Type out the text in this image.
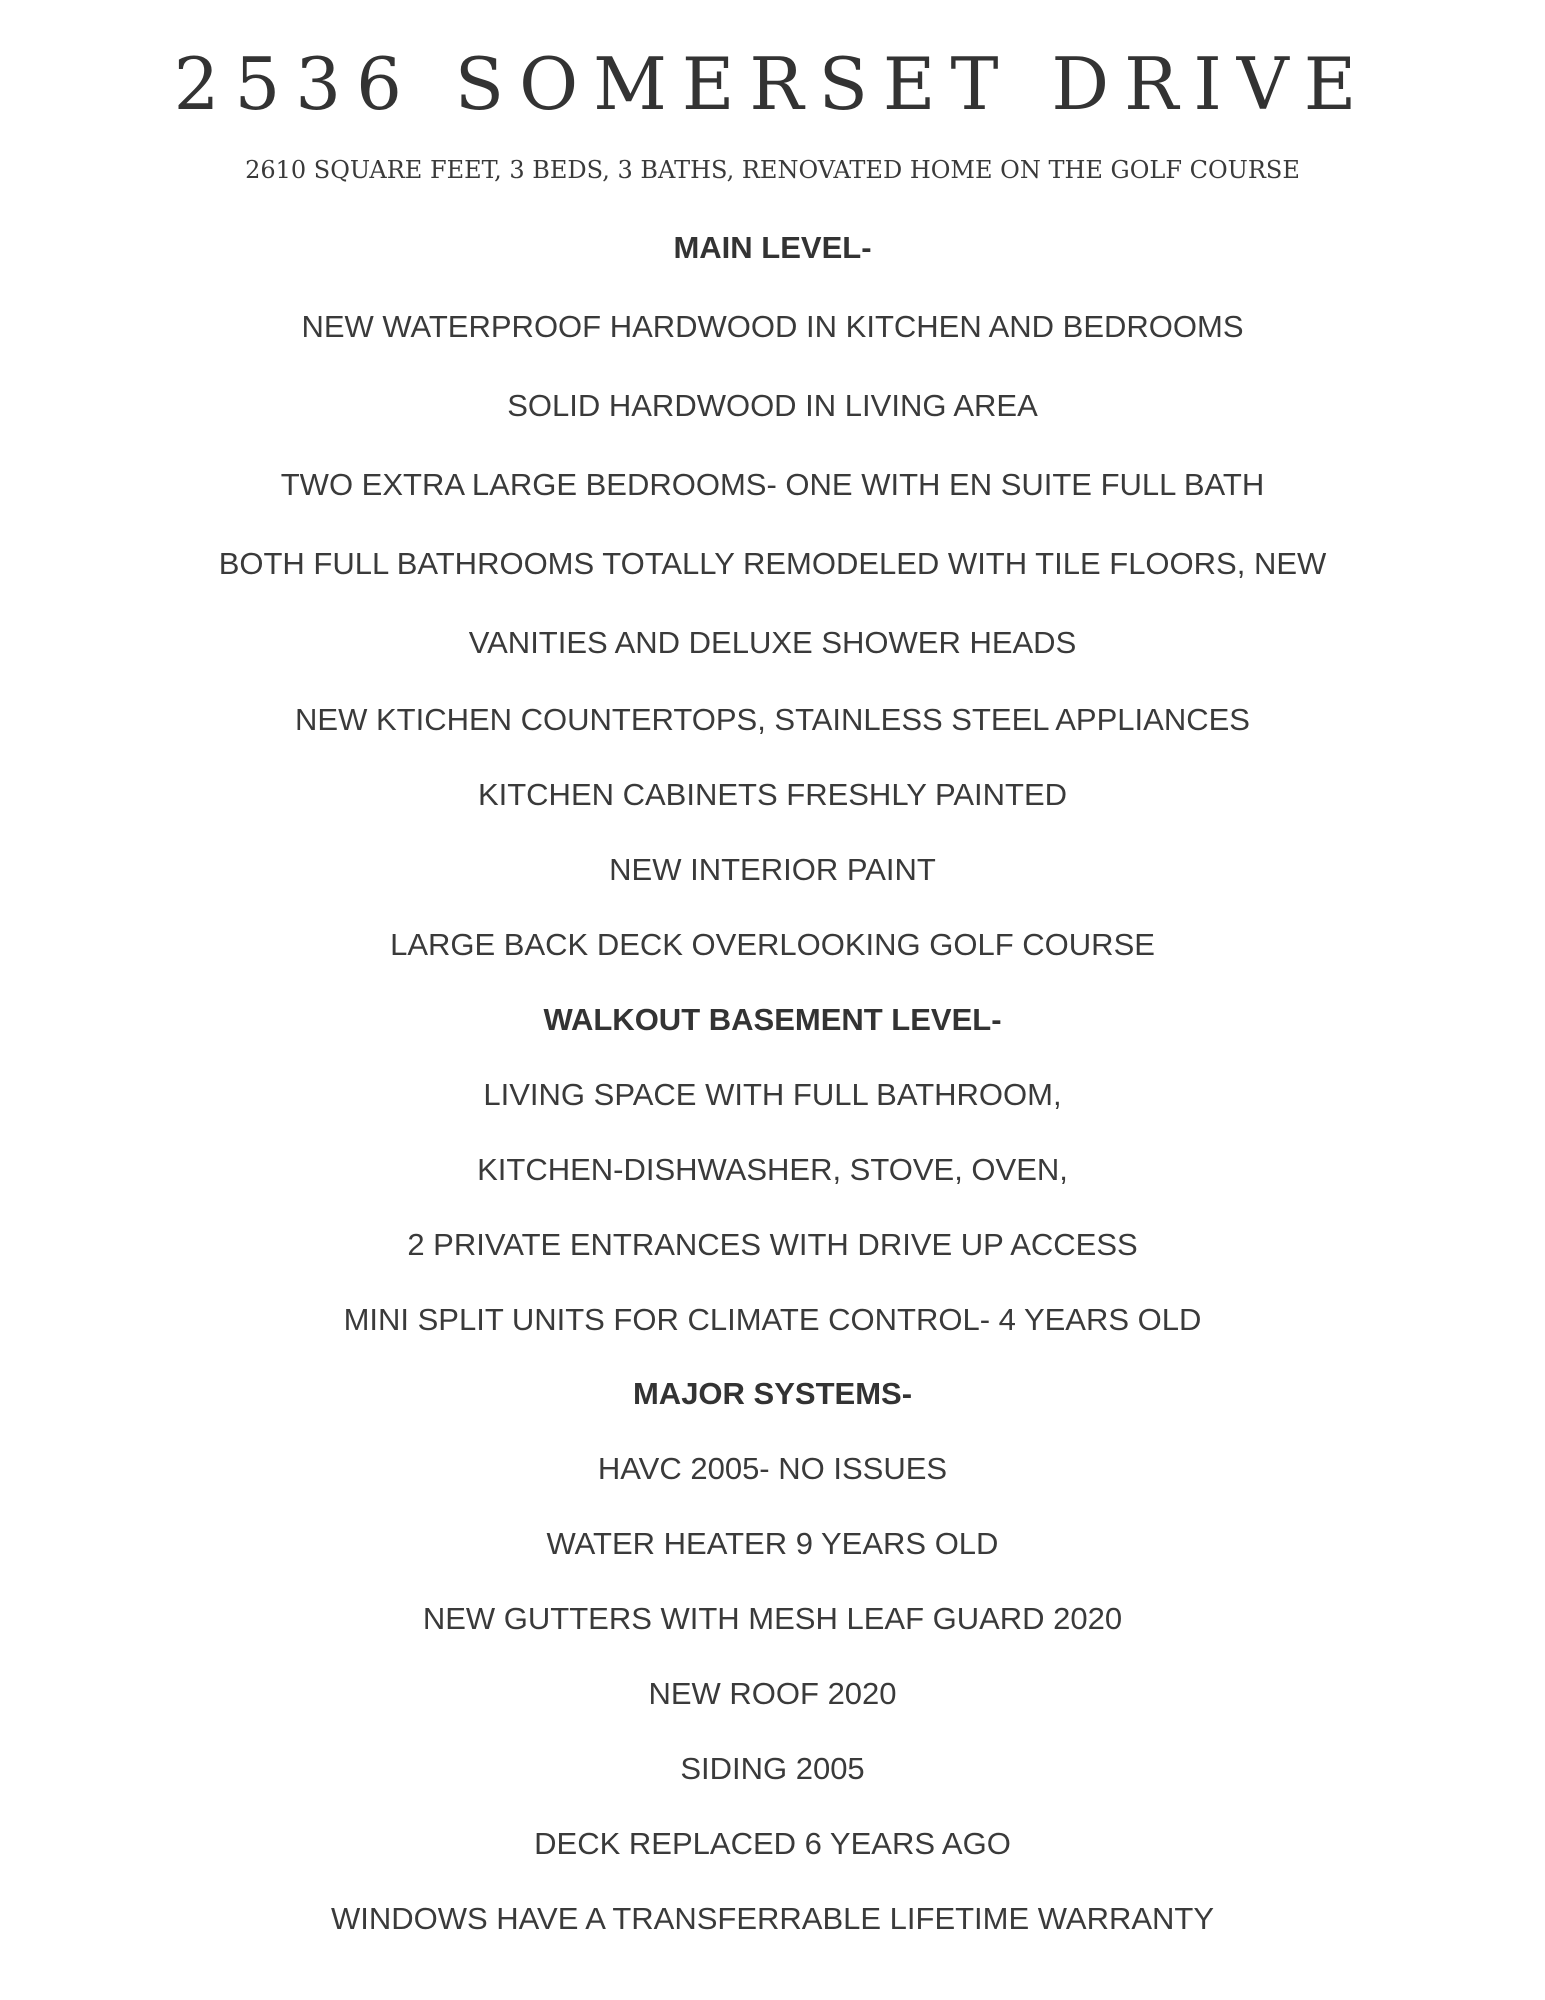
2536 SOMERSET DRIVE
2610 SQUARE FEET, 3 BEDS, 3 BATHS, RENOVATED HOME ON THE GOLF COURSE
MAIN LEVEL-
NEW WATERPROOF HARDWOOD IN KITCHEN AND BEDROOMS
SOLID HARDWOOD IN LIVING AREA
TWO EXTRA LARGE BEDROOMS- ONE WITH EN SUITE FULL BATH
BOTH FULL BATHROOMS TOTALLY REMODELED WITH TILE FLOORS, NEW
VANITIES AND DELUXE SHOWER HEADS
NEW KTICHEN COUNTERTOPS, STAINLESS STEEL APPLIANCES
KITCHEN CABINETS FRESHLY PAINTED
NEW INTERIOR PAINT
LARGE BACK DECK OVERLOOKING GOLF COURSE
WALKOUT BASEMENT LEVEL-
LIVING SPACE WITH FULL BATHROOM,
KITCHEN-DISHWASHER, STOVE, OVEN,
2 PRIVATE ENTRANCES WITH DRIVE UP ACCESS
MINI SPLIT UNITS FOR CLIMATE CONTROL- 4 YEARS OLD
MAJOR SYSTEMS-
HAVC 2005- NO ISSUES
WATER HEATER 9 YEARS OLD
NEW GUTTERS WITH MESH LEAF GUARD 2020
NEW ROOF 2020
SIDING 2005
DECK REPLACED 6 YEARS AGO
WINDOWS HAVE A TRANSFERRABLE LIFETIME WARRANTY
